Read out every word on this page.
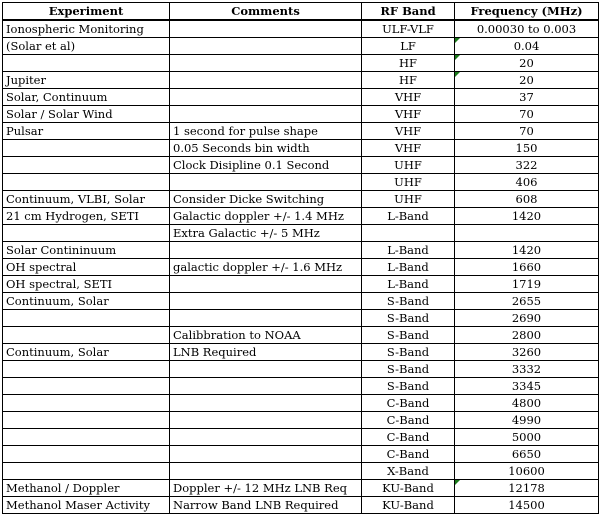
Experiment	Comments	RF Band	Frequency (MHz)
Ionospheric Monitoring		ULF-VLF	0.00030 to 0.003
(Solar et al)		LF	0.04
		HF	20
Jupiter		HF	20
Solar, Continuum		VHF	37
Solar / Solar Wind		VHF	70
Pulsar	1 second for pulse shape	VHF	70
	0.05 Seconds bin width	VHF	150
	Clock Disipline 0.1 Second	UHF	322
		UHF	406
Continuum, VLBI, Solar	Consider Dicke Switching	UHF	608
21 cm Hydrogen, SETI	Galactic doppler +/- 1.4 MHz	L-Band	1420
	Extra Galactic +/- 5 MHz		
Solar Contininuum		L-Band	1420
OH spectral	galactic doppler +/- 1.6 MHz	L-Band	1660
OH spectral, SETI		L-Band	1719
Continuum, Solar		S-Band	2655
		S-Band	2690
	Calibbration to NOAA	S-Band	2800
Continuum, Solar	LNB Required	S-Band	3260
		S-Band	3332
		S-Band	3345
		C-Band	4800
		C-Band	4990
		C-Band	5000
		C-Band	6650
		X-Band	10600
Methanol / Doppler	Doppler +/- 12 MHz LNB Req	KU-Band	12178
Methanol Maser Activity	Narrow Band LNB Required	KU-Band	14500
